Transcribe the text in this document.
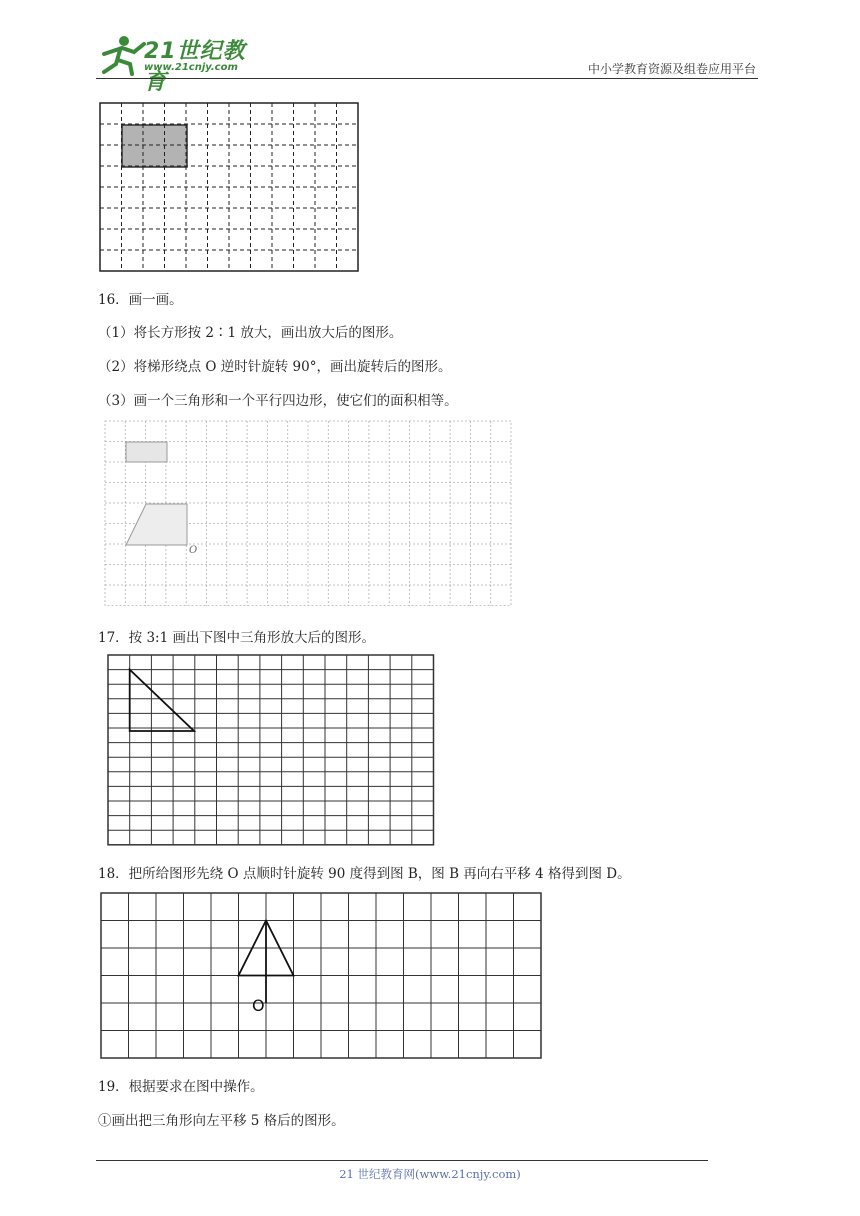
21世纪教育
www.21cnjy.com	中小学教育资源及组卷应用平台
16．画一画。
（1）将长方形按 2∶1 放大，画出放大后的图形。
（2）将梯形绕点 O 逆时针旋转 90°，画出旋转后的图形。
（3）画一个三角形和一个平行四边形，使它们的面积相等。
O
17．按 3:1 画出下图中三角形放大后的图形。
18．把所给图形先绕 O 点顺时针旋转 90 度得到图 B，图 B 再向右平移 4 格得到图 D。
O
19．根据要求在图中操作。
①画出把三角形向左平移 5 格后的图形。
21 世纪教育网(www.21cnjy.com)
